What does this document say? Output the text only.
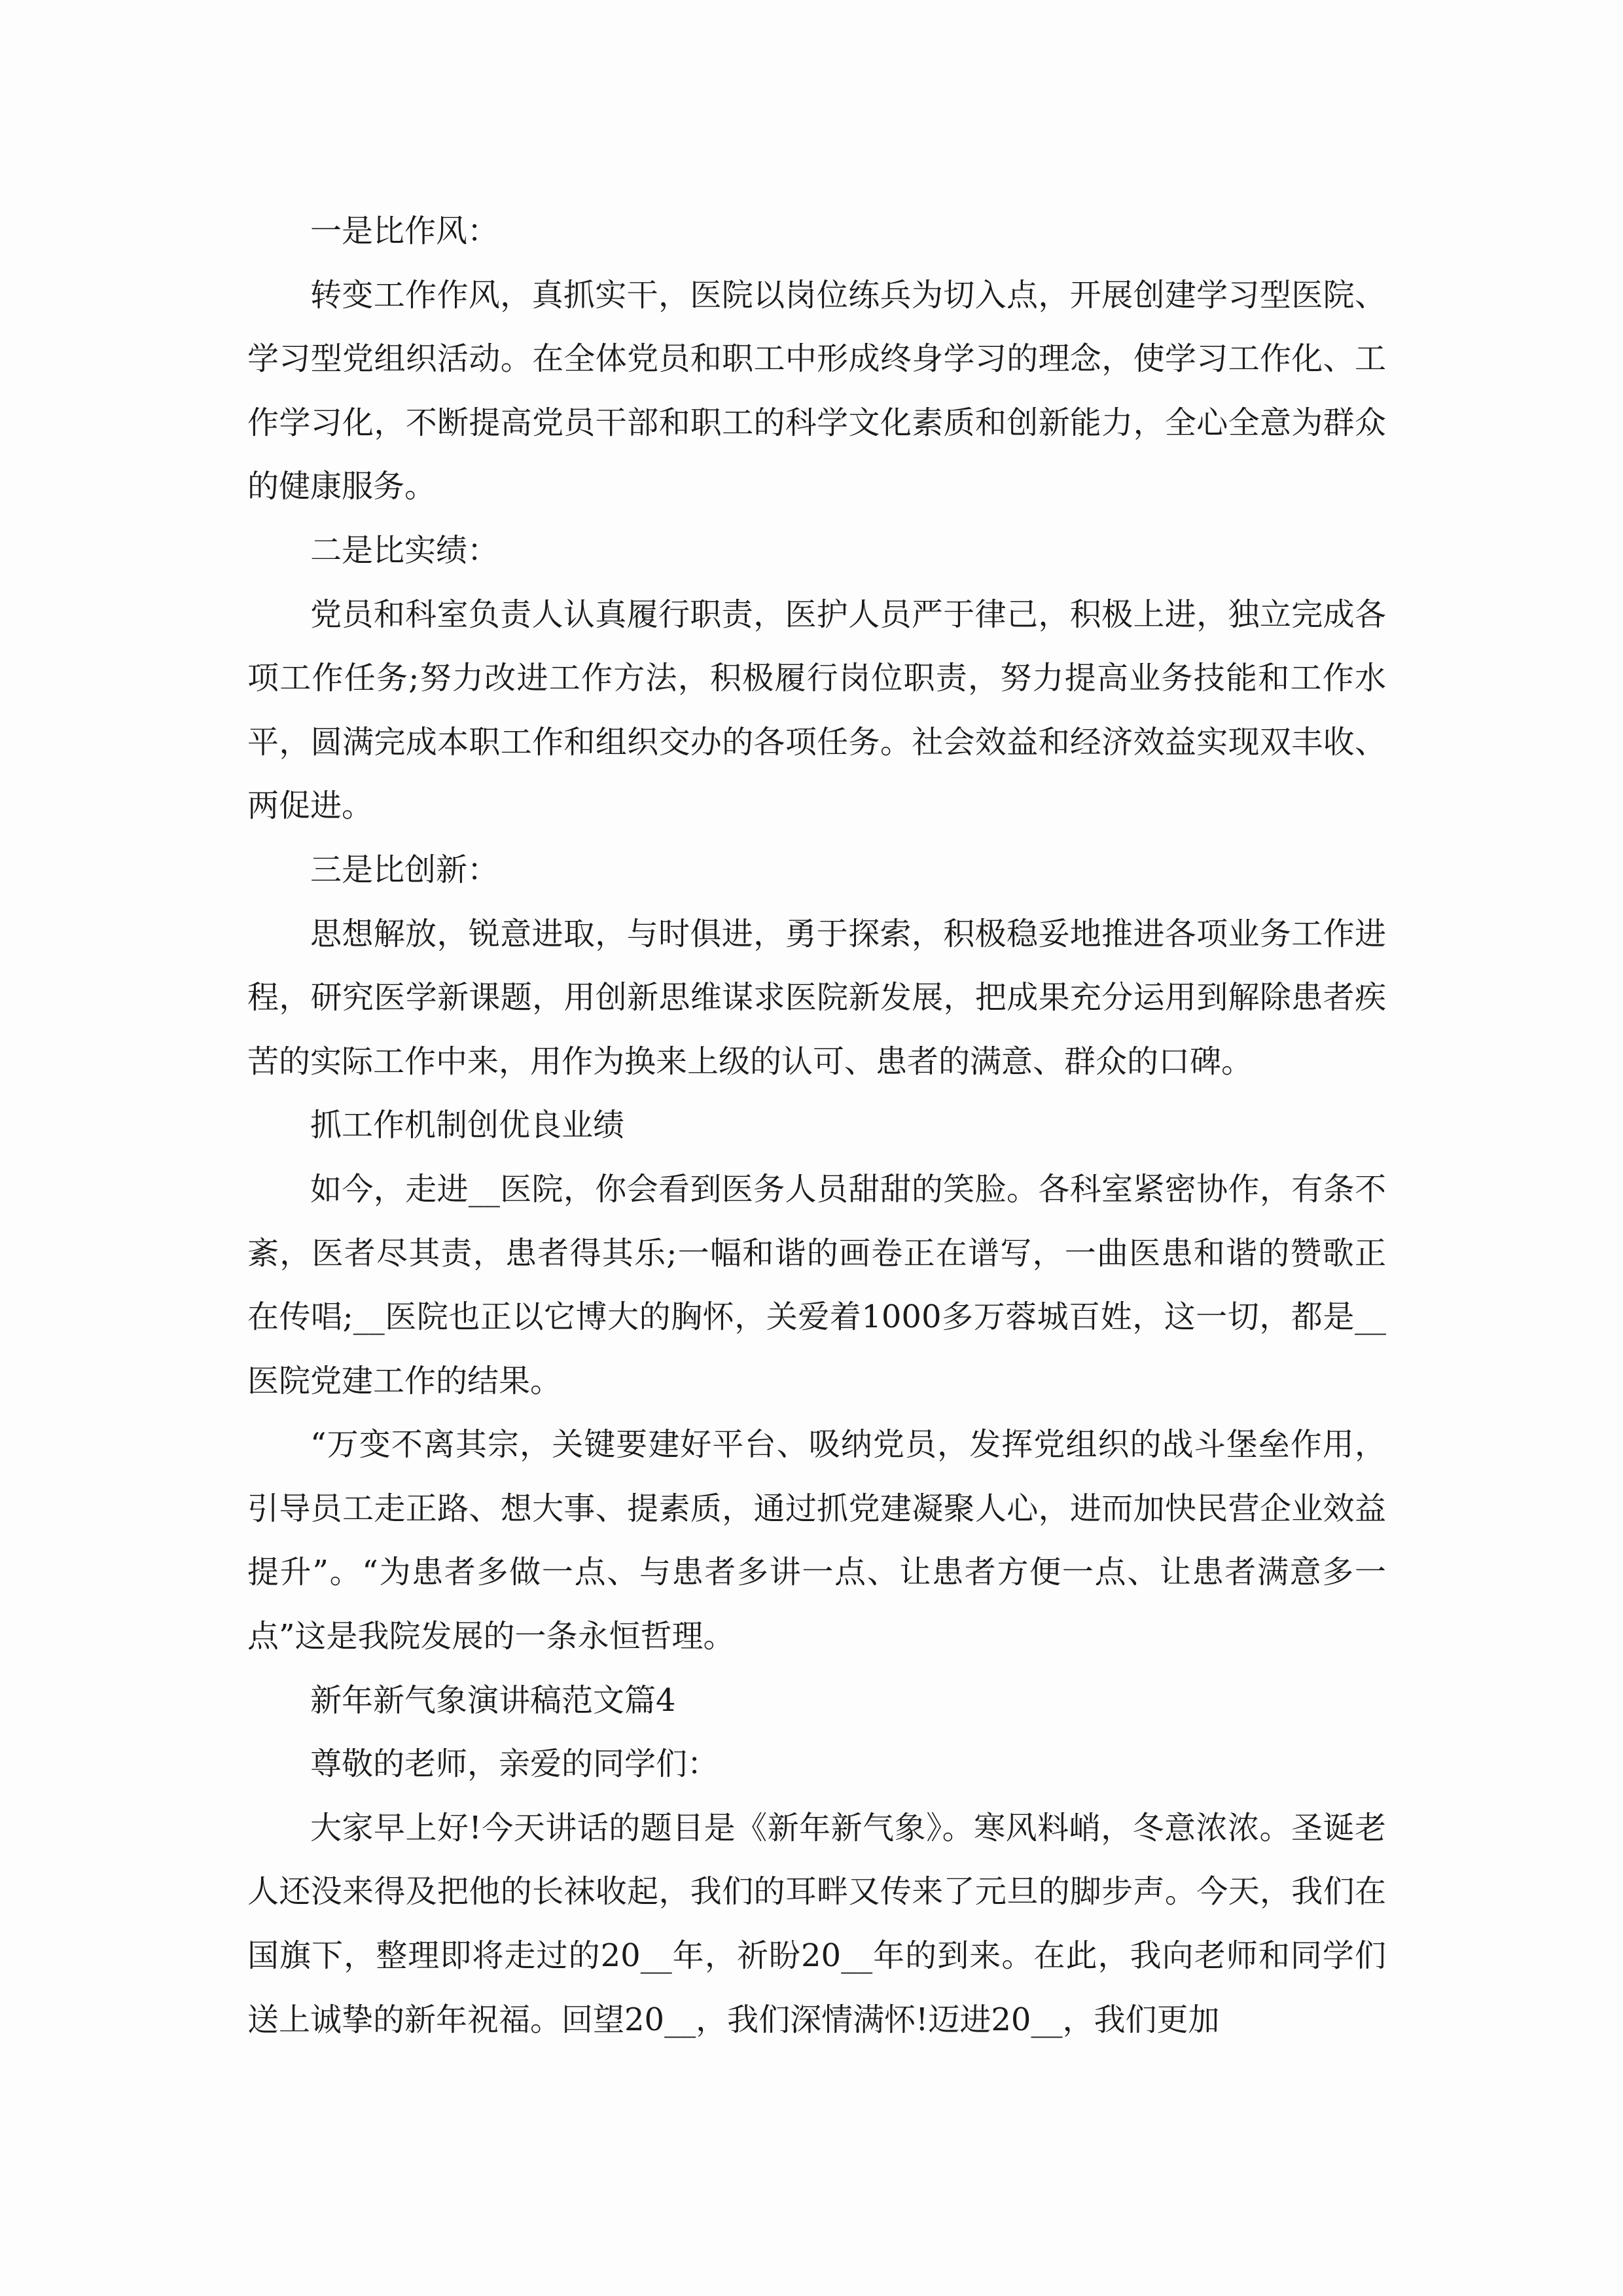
一是比作风：

转变工作作风，真抓实干，医院以岗位练兵为切入点，开展创建学习型医院、学习型党组织活动。在全体党员和职工中形成终身学习的理念，使学习工作化、工作学习化，不断提高党员干部和职工的科学文化素质和创新能力，全心全意为群众的健康服务。

二是比实绩：

党员和科室负责人认真履行职责，医护人员严于律己，积极上进，独立完成各项工作任务;努力改进工作方法，积极履行岗位职责，努力提高业务技能和工作水平，圆满完成本职工作和组织交办的各项任务。社会效益和经济效益实现双丰收、两促进。

三是比创新：

思想解放，锐意进取，与时俱进，勇于探索，积极稳妥地推进各项业务工作进程，研究医学新课题，用创新思维谋求医院新发展，把成果充分运用到解除患者疾苦的实际工作中来，用作为换来上级的认可、患者的满意、群众的口碑。

抓工作机制创优良业绩

如今，走进__医院，你会看到医务人员甜甜的笑脸。各科室紧密协作，有条不紊，医者尽其责，患者得其乐;一幅和谐的画卷正在谱写，一曲医患和谐的赞歌正在传唱;__医院也正以它博大的胸怀，关爱着1000多万蓉城百姓，这一切，都是__医院党建工作的结果。

“万变不离其宗，关键要建好平台、吸纳党员，发挥党组织的战斗堡垒作用，引导员工走正路、想大事、提素质，通过抓党建凝聚人心，进而加快民营企业效益提升”。“为患者多做一点、与患者多讲一点、让患者方便一点、让患者满意多一点”这是我院发展的一条永恒哲理。

新年新气象演讲稿范文篇4

尊敬的老师，亲爱的同学们：

大家早上好!今天讲话的题目是《新年新气象》。寒风料峭，冬意浓浓。圣诞老人还没来得及把他的长袜收起，我们的耳畔又传来了元旦的脚步声。今天，我们在国旗下，整理即将走过的20__年，祈盼20__年的到来。在此，我向老师和同学们送上诚挚的新年祝福。回望20__，我们深情满怀!迈进20__，我们更加
